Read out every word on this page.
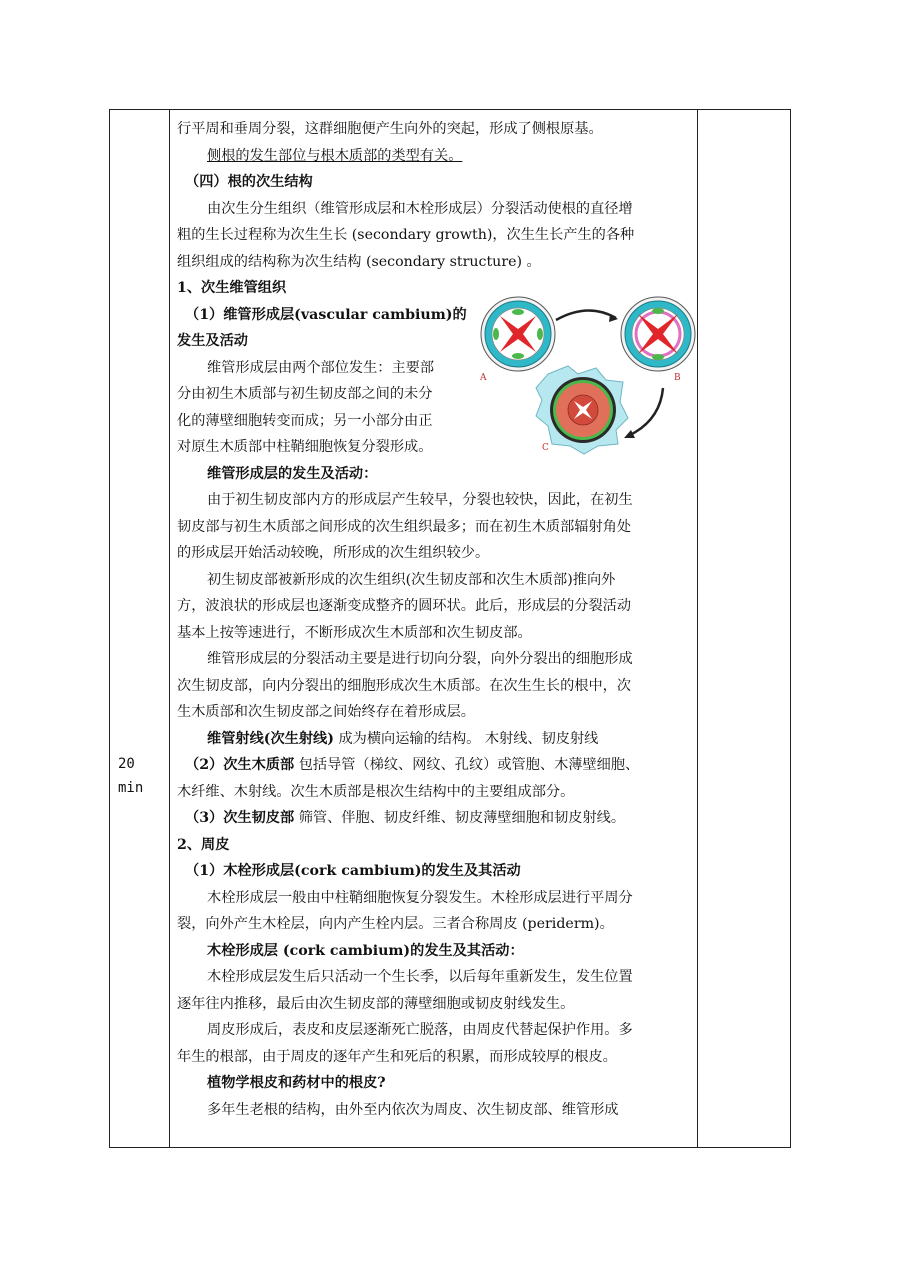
20
min
行平周和垂周分裂，这群细胞便产生向外的突起，形成了侧根原基。
侧根的发生部位与根木质部的类型有关。
（四）根的次生结构
由次生分生组织（维管形成层和木栓形成层）分裂活动使根的直径增
粗的生长过程称为次生生长 (secondary growth)，次生生长产生的各种
组织组成的结构称为次生结构 (secondary structure) 。
1、次生维管组织
（1）维管形成层(vascular cambium)的
发生及活动
维管形成层由两个部位发生：主要部
分由初生木质部与初生韧皮部之间的未分
化的薄壁细胞转变而成；另一小部分由正
对原生木质部中柱鞘细胞恢复分裂形成。
维管形成层的发生及活动：
由于初生韧皮部内方的形成层产生较早，分裂也较快，因此，在初生
韧皮部与初生木质部之间形成的次生组织最多；而在初生木质部辐射角处
的形成层开始活动较晚，所形成的次生组织较少。
初生韧皮部被新形成的次生组织(次生韧皮部和次生木质部)推向外
方，波浪状的形成层也逐渐变成整齐的圆环状。此后，形成层的分裂活动
基本上按等速进行，不断形成次生木质部和次生韧皮部。
维管形成层的分裂活动主要是进行切向分裂，向外分裂出的细胞形成
次生韧皮部，向内分裂出的细胞形成次生木质部。在次生生长的根中，次
生木质部和次生韧皮部之间始终存在着形成层。
维管射线(次生射线) 成为横向运输的结构。 木射线、韧皮射线
（2）次生木质部 包括导管（梯纹、网纹、孔纹）或管胞、木薄壁细胞、
木纤维、木射线。次生木质部是根次生结构中的主要组成部分。
（3）次生韧皮部 筛管、伴胞、韧皮纤维、韧皮薄壁细胞和韧皮射线。
2、周皮
（1）木栓形成层(cork cambium)的发生及其活动
木栓形成层一般由中柱鞘细胞恢复分裂发生。木栓形成层进行平周分
裂，向外产生木栓层，向内产生栓内层。三者合称周皮 (periderm)。
木栓形成层 (cork cambium)的发生及其活动：
木栓形成层发生后只活动一个生长季，以后每年重新发生，发生位置
逐年往内推移，最后由次生韧皮部的薄壁细胞或韧皮射线发生。
周皮形成后，表皮和皮层逐渐死亡脱落，由周皮代替起保护作用。多
年生的根部，由于周皮的逐年产生和死后的积累，而形成较厚的根皮。
植物学根皮和药材中的根皮?
多年生老根的结构，由外至内依次为周皮、次生韧皮部、维管形成
A	B
C
